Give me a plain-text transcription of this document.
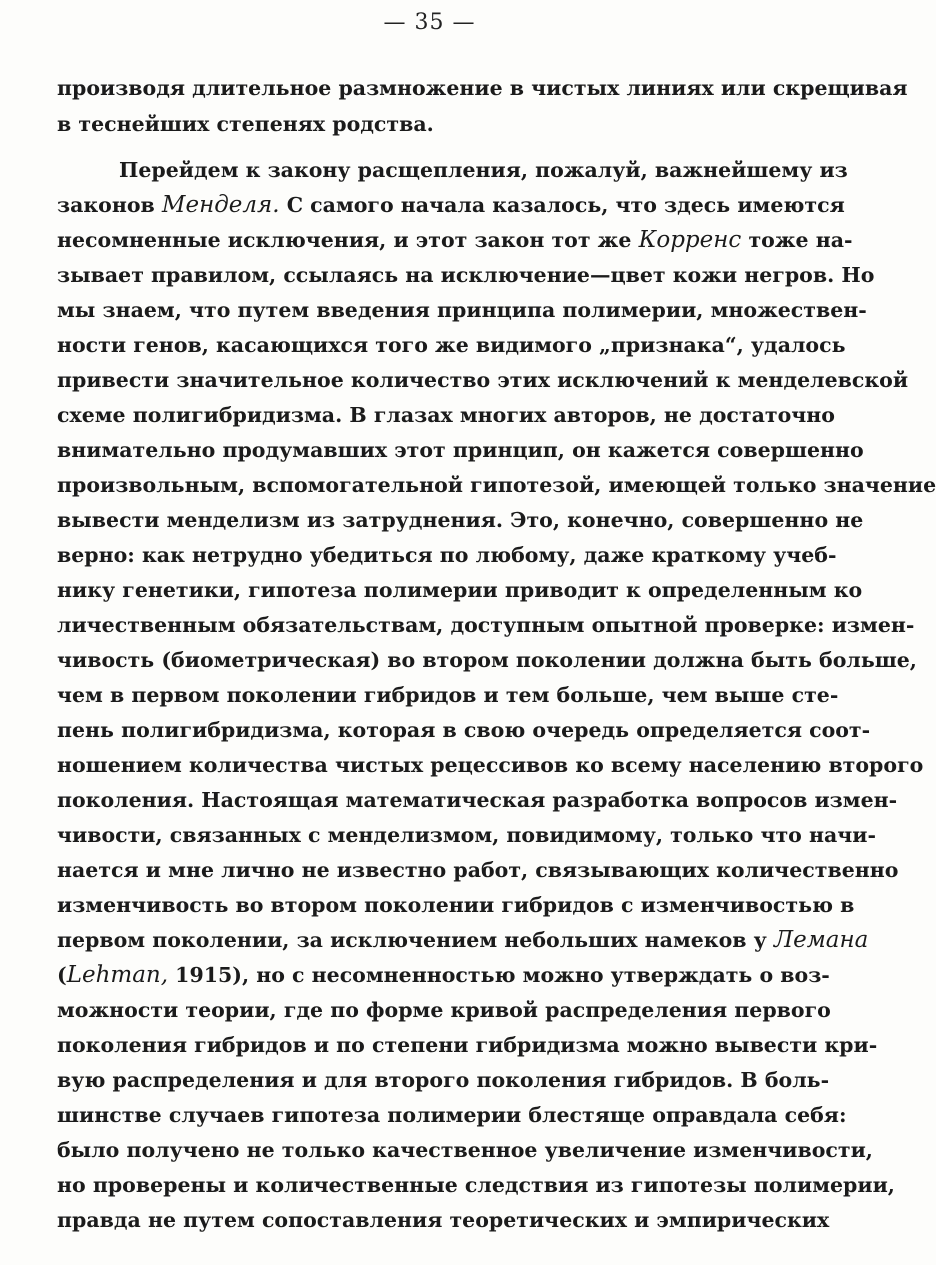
— 35 —
производя длительное размножение в чистых линиях или скрещивая
в теснейших степенях родства.
Перейдем к закону расщепления, пожалуй, важнейшему из
законов Менделя. С самого начала казалось, что здесь имеются
несомненные исключения, и этот закон тот же Корренс тоже на-
зывает правилом, ссылаясь на исключение—цвет кожи негров. Но
мы знаем, что путем введения принципа полимерии, множествен-
ности генов, касающихся того же видимого „признака“, удалось
привести значительное количество этих исключений к менделевской
схеме полигибридизма. В глазах многих авторов, не достаточно
внимательно продумавших этот принцип, он кажется совершенно
произвольным, вспомогательной гипотезой, имеющей только значение
вывести менделизм из затруднения. Это, конечно, совершенно не
верно: как нетрудно убедиться по любому, даже краткому учеб-
нику генетики, гипотеза полимерии приводит к определенным ко
личественным обязательствам, доступным опытной проверке: измен-
чивость (биометрическая) во втором поколении должна быть больше,
чем в первом поколении гибридов и тем больше, чем выше сте-
пень полигибридизма, которая в свою очередь определяется соот-
ношением количества чистых рецессивов ко всему населению второго
поколения. Настоящая математическая разработка вопросов измен-
чивости, связанных с менделизмом, повидимому, только что начи-
нается и мне лично не известно работ, связывающих количественно
изменчивость во втором поколении гибридов с изменчивостью в
первом поколении, за исключением небольших намеков у Лемана
(Lehman, 1915), но с несомненностью можно утверждать о воз-
можности теории, где по форме кривой распределения первого
поколения гибридов и по степени гибридизма можно вывести кри-
вую распределения и для второго поколения гибридов. В боль-
шинстве случаев гипотеза полимерии блестяще оправдала себя:
было получено не только качественное увеличение изменчивости,
но проверены и количественные следствия из гипотезы полимерии,
правда не путем сопоставления теоретических и эмпирических
